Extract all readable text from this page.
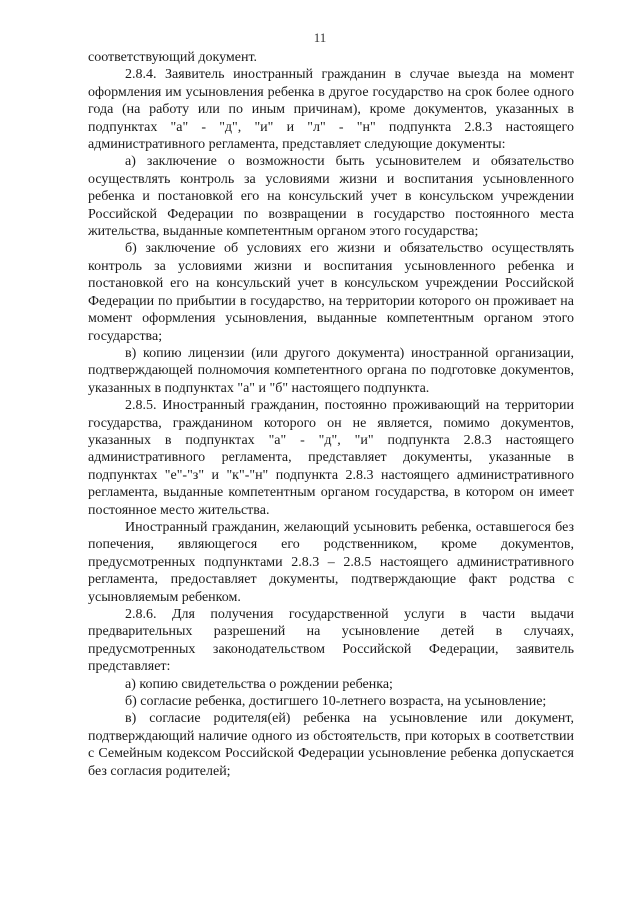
11

соответствующий документ.

2.8.4. Заявитель иностранный гражданин в случае выезда на момент оформления им усыновления ребенка в другое государство на срок более одного года (на работу или по иным причинам), кроме документов, указанных в подпунктах "а" - "д", "и" и "л" - "н" подпункта 2.8.3 настоящего административного регламента, представляет следующие документы:

а) заключение о возможности быть усыновителем и обязательство осуществлять контроль за условиями жизни и воспитания усыновленного ребенка и постановкой его на консульский учет в консульском учреждении Российской Федерации по возвращении в государство постоянного места жительства, выданные компетентным органом этого государства;

б) заключение об условиях его жизни и обязательство осуществлять контроль за условиями жизни и воспитания усыновленного ребенка и постановкой его на консульский учет в консульском учреждении Российской Федерации по прибытии в государство, на территории которого он проживает на момент оформления усыновления, выданные компетентным органом этого государства;

в) копию лицензии (или другого документа) иностранной организации, подтверждающей полномочия компетентного органа по подготовке документов, указанных в подпунктах "а" и "б" настоящего подпункта.

2.8.5. Иностранный гражданин, постоянно проживающий на территории государства, гражданином которого он не является, помимо документов, указанных в подпунктах "а" - "д", "и" подпункта 2.8.3 настоящего административного регламента, представляет документы, указанные в подпунктах "е"-"з" и "к"-"н" подпункта 2.8.3 настоящего административного регламента, выданные компетентным органом государства, в котором он имеет постоянное место жительства.

Иностранный гражданин, желающий усыновить ребенка, оставшегося без попечения, являющегося его родственником, кроме документов, предусмотренных подпунктами 2.8.3 – 2.8.5 настоящего административного регламента, предоставляет документы, подтверждающие факт родства с усыновляемым ребенком.

2.8.6. Для получения государственной услуги в части выдачи предварительных разрешений на усыновление детей в случаях, предусмотренных законодательством Российской Федерации, заявитель представляет:

а) копию свидетельства о рождении ребенка;

б) согласие ребенка, достигшего 10-летнего возраста, на усыновление;

в) согласие родителя(ей) ребенка на усыновление или документ, подтверждающий наличие одного из обстоятельств, при которых в соответствии с Семейным кодексом Российской Федерации усыновление ребенка допускается без согласия родителей;
